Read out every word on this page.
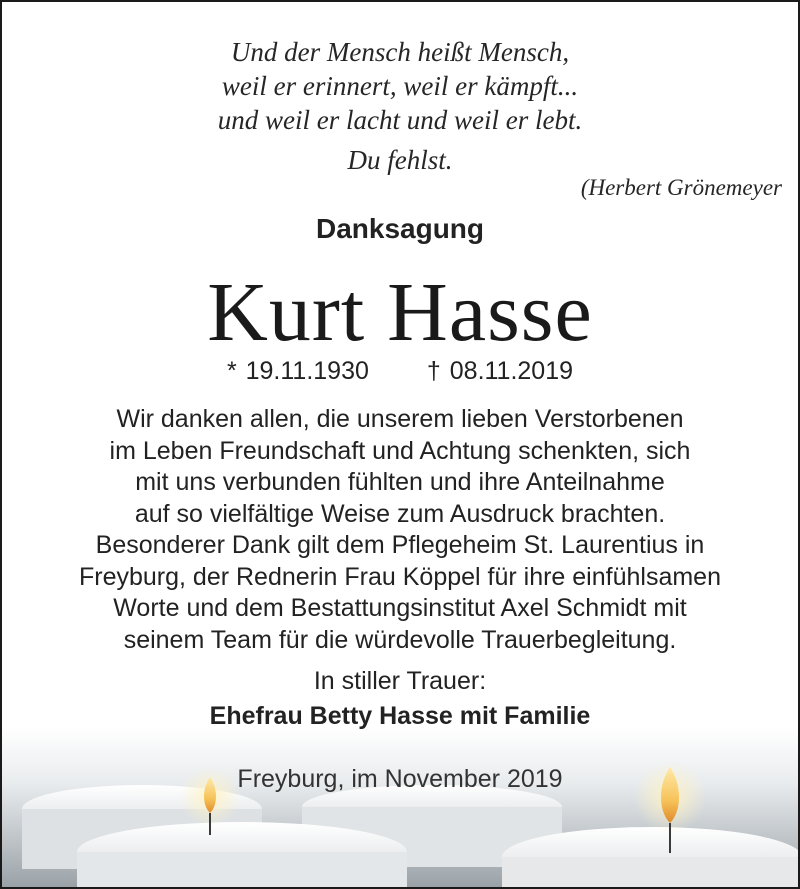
Und der Mensch heißt Mensch,
weil er erinnert, weil er kämpft...
und weil er lacht und weil er lebt.
Du fehlst.
(Herbert Grönemeyer
Danksagung
Kurt Hasse
* 19.11.1930 † 08.11.2019
Wir danken allen, die unserem lieben Verstorbenen
im Leben Freundschaft und Achtung schenkten, sich
mit uns verbunden fühlten und ihre Anteilnahme
auf so vielfältige Weise zum Ausdruck brachten.
Besonderer Dank gilt dem Pflegeheim St. Laurentius in
Freyburg, der Rednerin Frau Köppel für ihre einfühlsamen
Worte und dem Bestattungsinstitut Axel Schmidt mit
seinem Team für die würdevolle Trauerbegleitung.
In stiller Trauer:
Ehefrau Betty Hasse mit Familie
Freyburg, im November 2019
